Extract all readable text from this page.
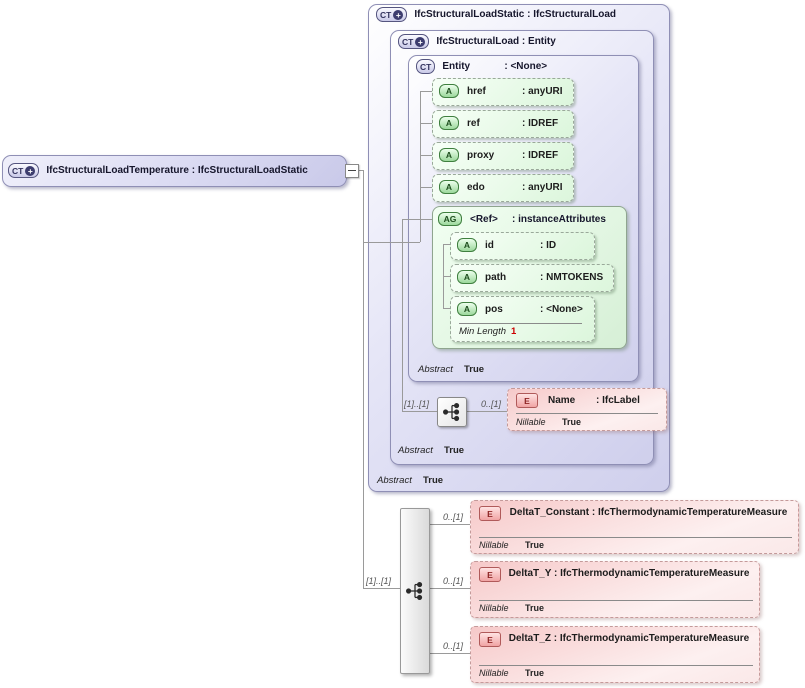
CT + IfcStructuralLoadTemperature : IfcStructuralLoadStatic
CT + IfcStructuralLoadStatic : IfcStructuralLoad
CT + IfcStructuralLoad : Entity
CT Entity	: <None>
A	href	: anyURI
A	ref	: IDREF
A	proxy	: IDREF
A	edo	: anyURI
AG	<Ref>	: instanceAttributes
A	id	: ID
A	path	: NMTOKENS
A	pos	: <None>
Min Length 1
Abstract	True
Abstract	True
Abstract	True
[1]..[1]	0..[1]	E	Name	: IfcLabel
Nillable	True
[1]..[1]
0..[1]
0..[1]
0..[1]
E	DeltaT_Constant : IfcThermodynamicTemperatureMeasure
Nillable	True
E	DeltaT_Y : IfcThermodynamicTemperatureMeasure
Nillable	True
E	DeltaT_Z : IfcThermodynamicTemperatureMeasure
Nillable	True
